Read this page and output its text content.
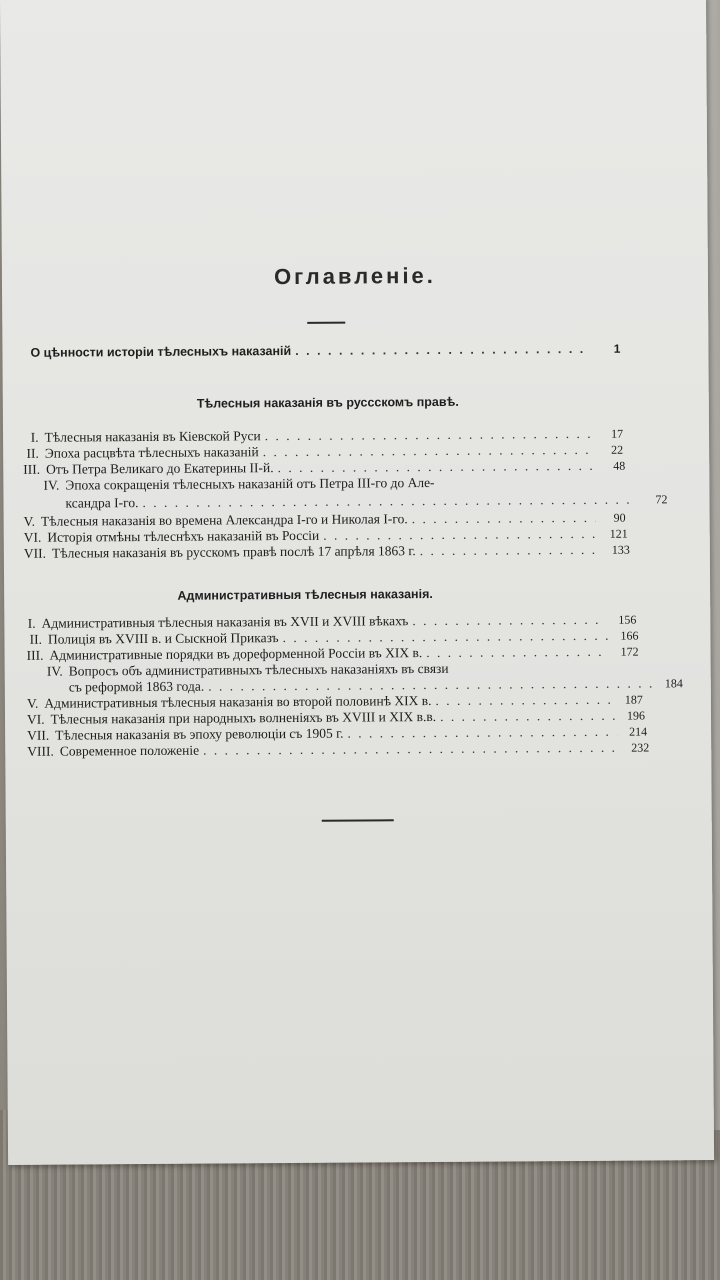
Оглавленіе.
О цѣнности исторіи тѣлесныхъ наказаній . . .	1
Тѣлесныя наказанія въ руссскомъ правѣ.
I. Тѣлесныя наказанія въ Кіевской Руси . . .	17
II. Эпоха расцвѣта тѣлесныхъ наказаній . . .	22
III. Отъ Петра Великаго до Екатерины II-й. . . .	48
IV. Эпоха сокращенія тѣлесныхъ наказаній отъ Петра III-го до Але-
ксандра I-го. . . .	72
V. Тѣлесныя наказанія во времена Александра I-го и Николая I-го. . . .	90
VI. Исторія отмѣны тѣлеснѣхъ наказаній въ Россіи . . .	121
VII. Тѣлесныя наказанія въ русскомъ правѣ послѣ 17 апрѣля 1863 г. . . .	133
Административныя тѣлесныя наказанія.
I. Административныя тѣлесныя наказанія въ XVII и XVIII вѣкахъ . . .	156
II. Полиція въ XVIII в. и Сыскной Приказъ . . .	166
III. Административные порядки въ дореформенной Россіи въ XIX в. . . .	172
IV. Вопросъ объ административныхъ тѣлесныхъ наказаніяхъ въ связи
съ реформой 1863 года. . . .	184
V. Административныя тѣлесныя наказанія во второй половинѣ XIX в. . . .	187
VI. Тѣлесныя наказанія при народныхъ волненіяхъ въ XVIII и XIX в.в. . . .	196
VII. Тѣлесныя наказанія въ эпоху революціи съ 1905 г. . . .	214
VIII. Современное положеніе . . .	232
